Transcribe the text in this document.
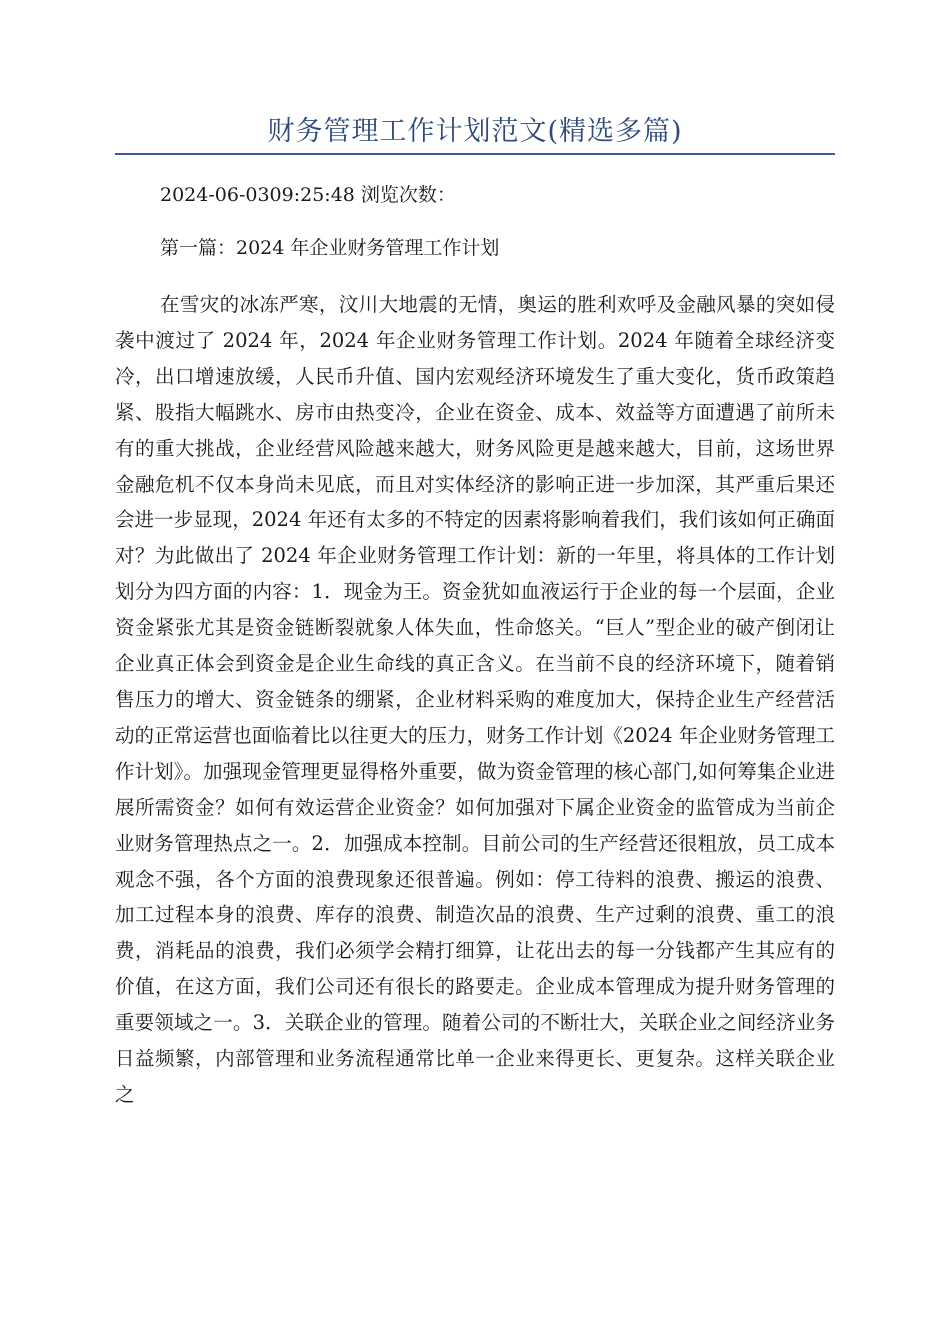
财务管理工作计划范文(精选多篇)
2024-06-0309:25:48 浏览次数：
第一篇：2024 年企业财务管理工作计划

在雪灾的冰冻严寒，汶川大地震的无情，奥运的胜利欢呼及金融风暴的突如侵袭中渡过了 2024 年，2024 年企业财务管理工作计划。2024 年随着全球经济变冷，出口增速放缓，人民币升值、国内宏观经济环境发生了重大变化，货币政策趋紧、股指大幅跳水、房市由热变冷，企业在资金、成本、效益等方面遭遇了前所未有的重大挑战，企业经营风险越来越大，财务风险更是越来越大，目前，这场世界金融危机不仅本身尚未见底，而且对实体经济的影响正进一步加深，其严重后果还会进一步显现，2024 年还有太多的不特定的因素将影响着我们，我们该如何正确面对？为此做出了 2024 年企业财务管理工作计划：新的一年里，将具体的工作计划划分为四方面的内容：1．现金为王。资金犹如血液运行于企业的每一个层面，企业资金紧张尤其是资金链断裂就象人体失血，性命悠关。“巨人”型企业的破产倒闭让企业真正体会到资金是企业生命线的真正含义。在当前不良的经济环境下，随着销售压力的增大、资金链条的绷紧，企业材料采购的难度加大，保持企业生产经营活动的正常运营也面临着比以往更大的压力，财务工作计划《2024 年企业财务管理工作计划》。加强现金管理更显得格外重要，做为资金管理的核心部门,如何筹集企业进展所需资金？如何有效运营企业资金？如何加强对下属企业资金的监管成为当前企业财务管理热点之一。2．加强成本控制。目前公司的生产经营还很粗放，员工成本观念不强，各个方面的浪费现象还很普遍。例如：停工待料的浪费、搬运的浪费、加工过程本身的浪费、库存的浪费、制造次品的浪费、生产过剩的浪费、重工的浪费，消耗品的浪费，我们必须学会精打细算，让花出去的每一分钱都产生其应有的价值，在这方面，我们公司还有很长的路要走。企业成本管理成为提升财务管理的重要领域之一。3．关联企业的管理。随着公司的不断壮大，关联企业之间经济业务日益频繁，内部管理和业务流程通常比单一企业来得更长、更复杂。这样关联企业之
